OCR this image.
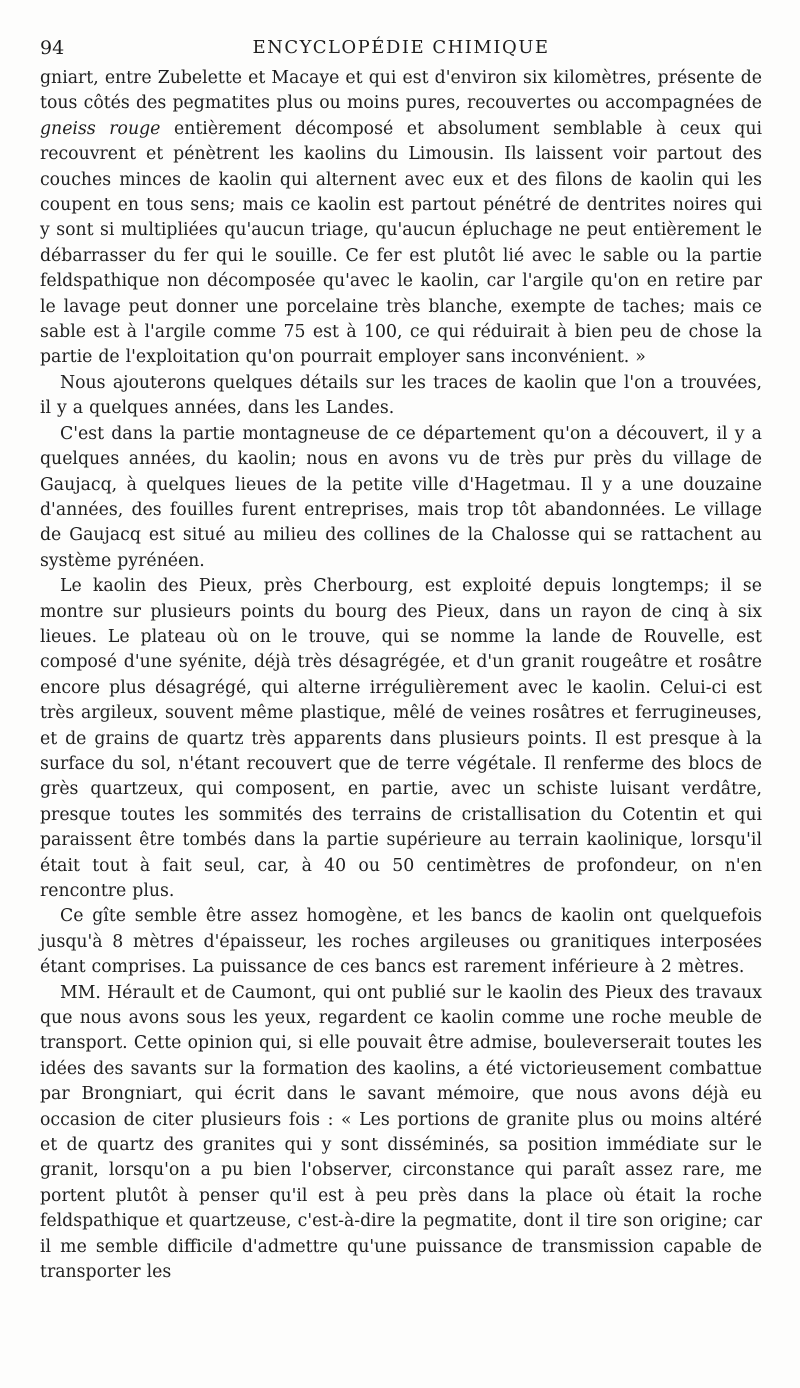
94	ENCYCLOPÉDIE CHIMIQUE

gniart, entre Zubelette et Macaye et qui est d'environ six kilomètres, présente de tous côtés des pegmatites plus ou moins pures, recouvertes ou accompagnées de gneiss rouge entièrement décomposé et absolument semblable à ceux qui recouvrent et pénètrent les kaolins du Limousin. Ils laissent voir partout des couches minces de kaolin qui alternent avec eux et des filons de kaolin qui les coupent en tous sens; mais ce kaolin est partout pénétré de dentrites noires qui y sont si multipliées qu'aucun triage, qu'aucun épluchage ne peut entièrement le débarrasser du fer qui le souille. Ce fer est plutôt lié avec le sable ou la partie feldspathique non décomposée qu'avec le kaolin, car l'argile qu'on en retire par le lavage peut donner une porcelaine très blanche, exempte de taches; mais ce sable est à l'argile comme 75 est à 100, ce qui réduirait à bien peu de chose la partie de l'exploitation qu'on pourrait employer sans inconvénient. »

Nous ajouterons quelques détails sur les traces de kaolin que l'on a trouvées, il y a quelques années, dans les Landes.

C'est dans la partie montagneuse de ce département qu'on a découvert, il y a quelques années, du kaolin; nous en avons vu de très pur près du village de Gaujacq, à quelques lieues de la petite ville d'Hagetmau. Il y a une douzaine d'années, des fouilles furent entreprises, mais trop tôt abandonnées. Le village de Gaujacq est situé au milieu des collines de la Chalosse qui se rattachent au système pyrénéen.

Le kaolin des Pieux, près Cherbourg, est exploité depuis longtemps; il se montre sur plusieurs points du bourg des Pieux, dans un rayon de cinq à six lieues. Le plateau où on le trouve, qui se nomme la lande de Rouvelle, est composé d'une syénite, déjà très désagrégée, et d'un granit rougeâtre et rosâtre encore plus désagrégé, qui alterne irrégulièrement avec le kaolin. Celui-ci est très argileux, souvent même plastique, mêlé de veines rosâtres et ferrugineuses, et de grains de quartz très apparents dans plusieurs points. Il est presque à la surface du sol, n'étant recouvert que de terre végétale. Il renferme des blocs de grès quartzeux, qui composent, en partie, avec un schiste luisant verdâtre, presque toutes les sommités des terrains de cristallisation du Cotentin et qui paraissent être tombés dans la partie supérieure au terrain kaolinique, lorsqu'il était tout à fait seul, car, à 40 ou 50 centimètres de profondeur, on n'en rencontre plus.

Ce gîte semble être assez homogène, et les bancs de kaolin ont quelquefois jusqu'à 8 mètres d'épaisseur, les roches argileuses ou granitiques interposées étant comprises. La puissance de ces bancs est rarement inférieure à 2 mètres.

MM. Hérault et de Caumont, qui ont publié sur le kaolin des Pieux des travaux que nous avons sous les yeux, regardent ce kaolin comme une roche meuble de transport. Cette opinion qui, si elle pouvait être admise, bouleverserait toutes les idées des savants sur la formation des kaolins, a été victorieusement combattue par Brongniart, qui écrit dans le savant mémoire, que nous avons déjà eu occasion de citer plusieurs fois : « Les portions de granite plus ou moins altéré et de quartz des granites qui y sont disséminés, sa position immédiate sur le granit, lorsqu'on a pu bien l'observer, circonstance qui paraît assez rare, me portent plutôt à penser qu'il est à peu près dans la place où était la roche feldspathique et quartzeuse, c'est-à-dire la pegmatite, dont il tire son origine; car il me semble difficile d'admettre qu'une puissance de transmission capable de transporter les
